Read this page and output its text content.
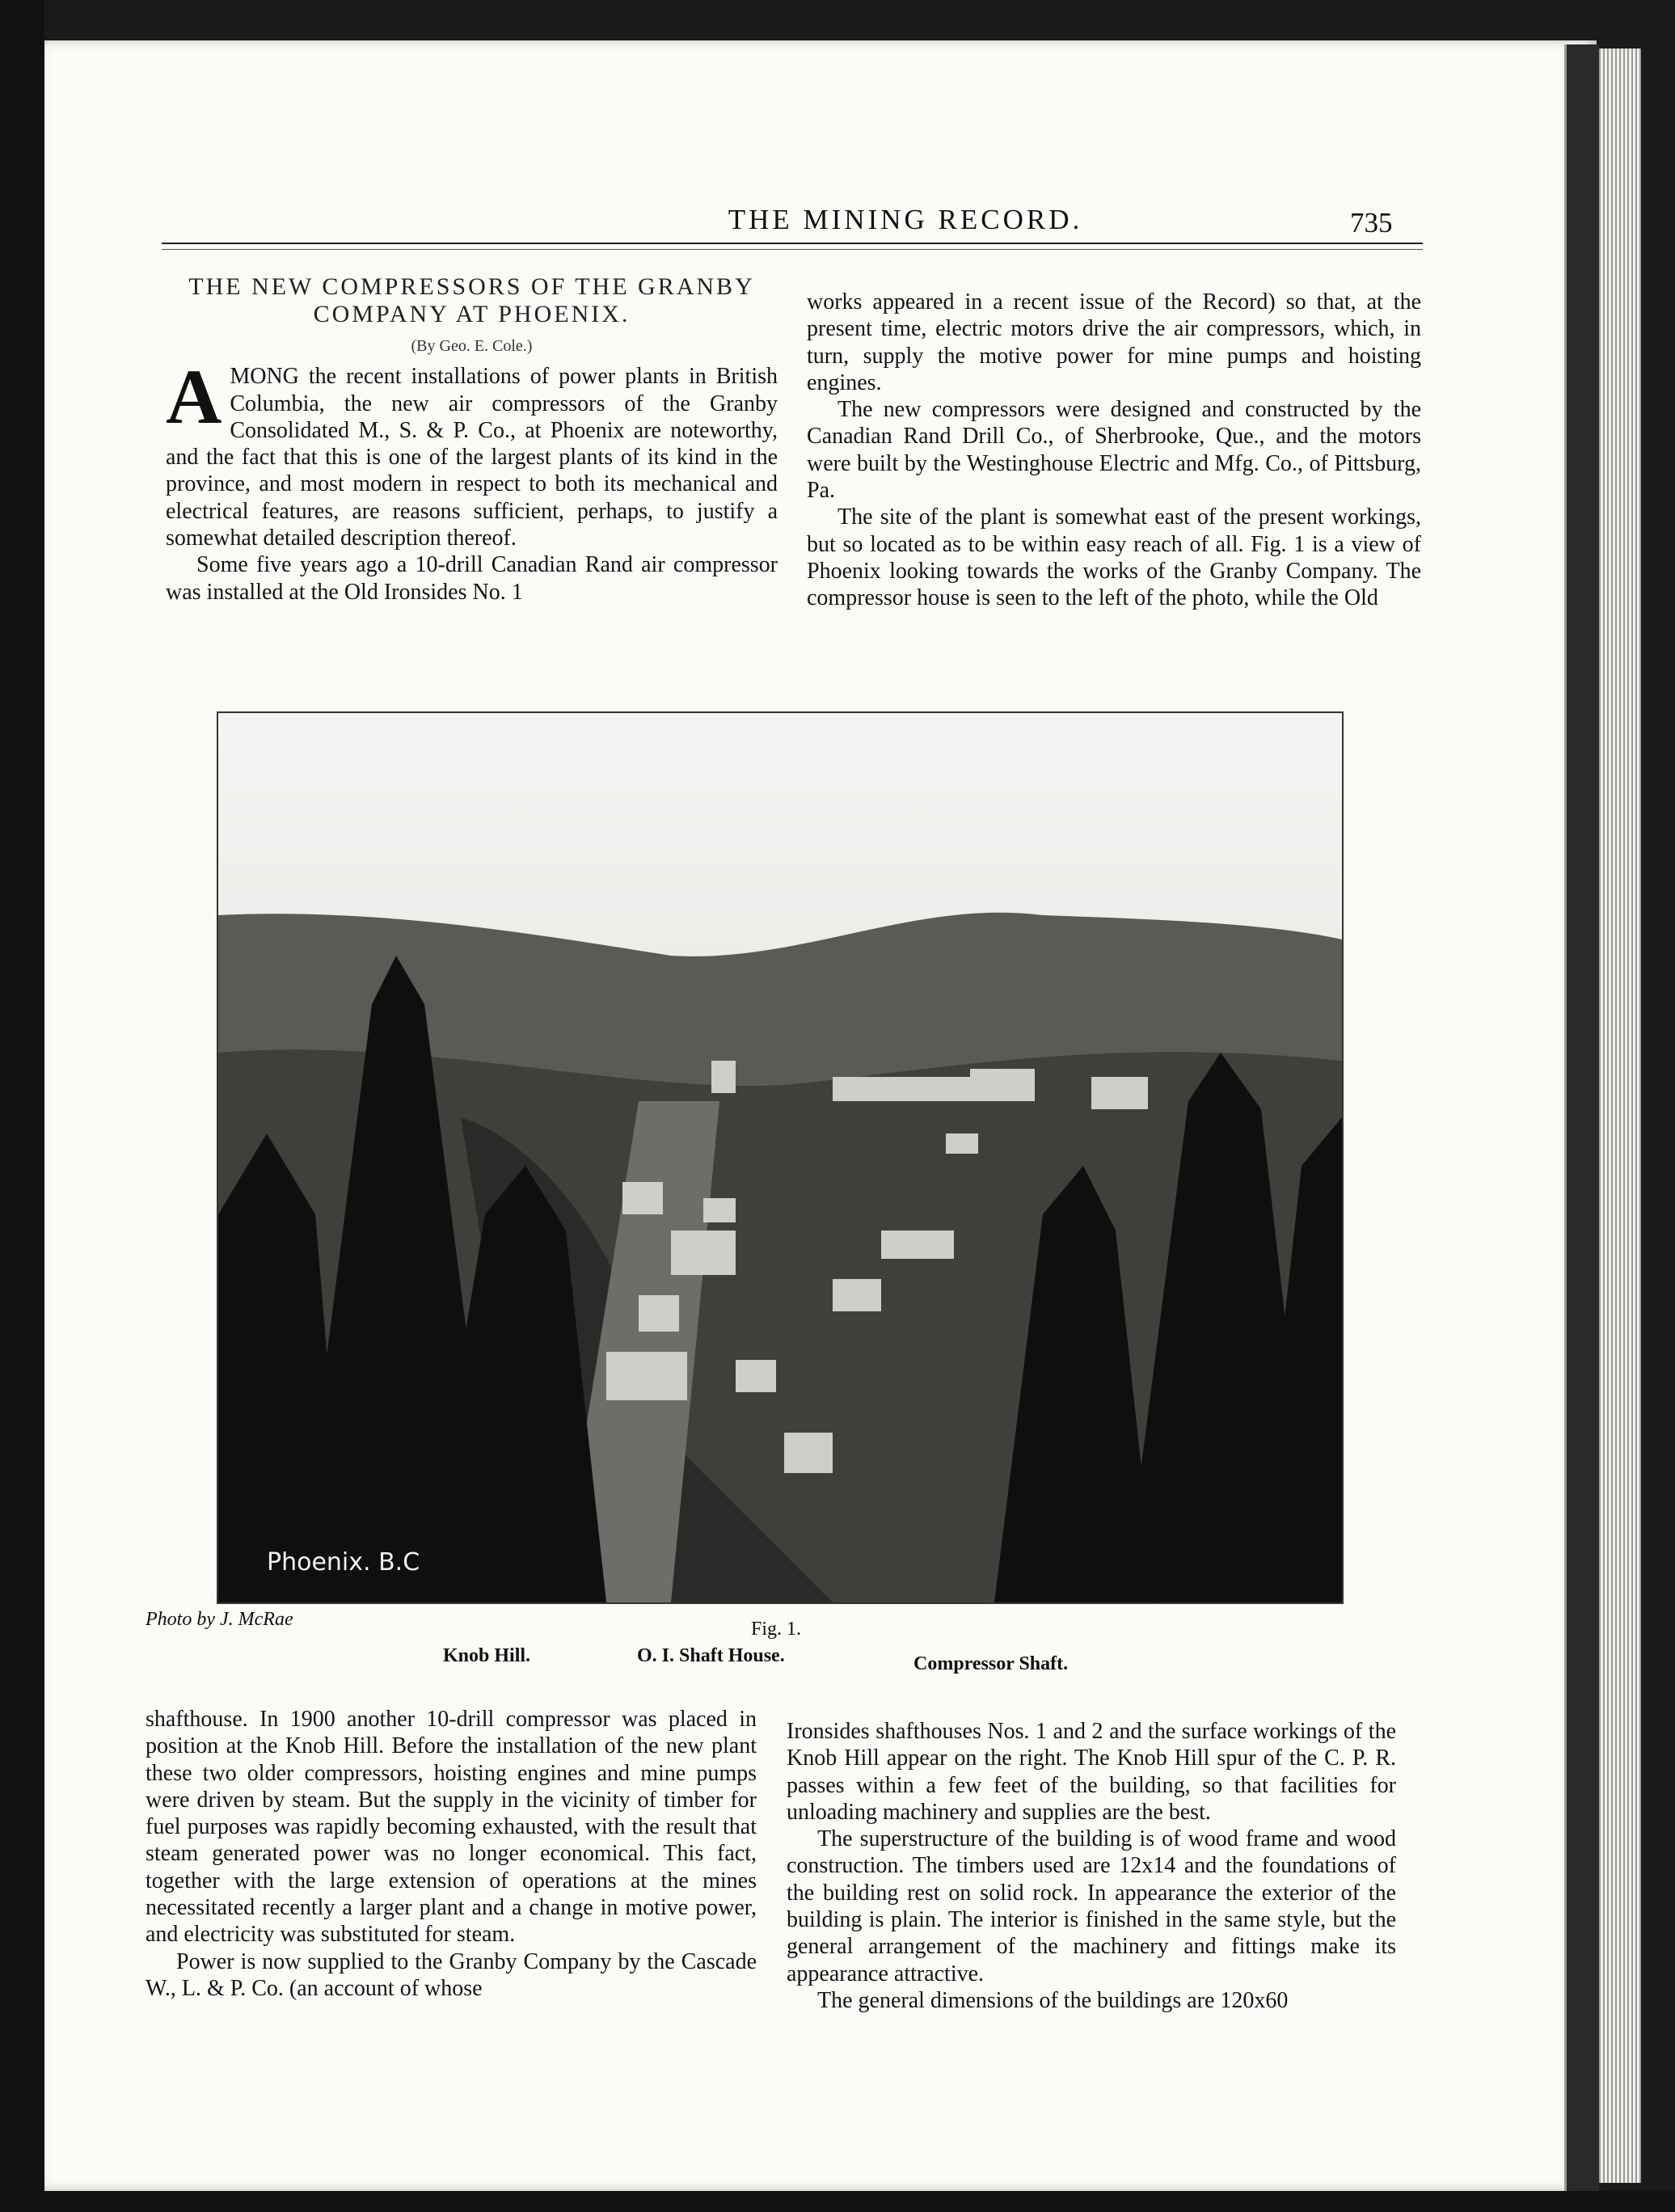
THE MINING RECORD.	735
THE NEW COMPRESSORS OF THE GRANBY
COMPANY AT PHOENIX.
(By Geo. E. Cole.)

AMONG the recent installations of power plants in British Columbia, the new air compressors of the Granby Consolidated M., S. & P. Co., at Phoenix are noteworthy, and the fact that this is one of the largest plants of its kind in the province, and most modern in respect to both its mechanical and electrical features, are reasons sufficient, perhaps, to justify a somewhat detailed description thereof.

Some five years ago a 10-drill Canadian Rand air compressor was installed at the Old Ironsides No. 1

works appeared in a recent issue of the Record) so that, at the present time, electric motors drive the air compressors, which, in turn, supply the motive power for mine pumps and hoisting engines.

The new compressors were designed and constructed by the Canadian Rand Drill Co., of Sherbrooke, Que., and the motors were built by the Westinghouse Electric and Mfg. Co., of Pittsburg, Pa.

The site of the plant is somewhat east of the present workings, but so located as to be within easy reach of all. Fig. 1 is a view of Phoenix looking towards the works of the Granby Company. The compressor house is seen to the left of the photo, while the Old

Phoenix. B.C
Photo by J. McRae	Fig. 1.
Knob Hill.	O. I. Shaft House.	Compressor Shaft.

shafthouse. In 1900 another 10-drill compressor was placed in position at the Knob Hill. Before the installation of the new plant these two older compressors, hoisting engines and mine pumps were driven by steam. But the supply in the vicinity of timber for fuel purposes was rapidly becoming exhausted, with the result that steam generated power was no longer economical. This fact, together with the large extension of operations at the mines necessitated recently a larger plant and a change in motive power, and electricity was substituted for steam.

Power is now supplied to the Granby Company by the Cascade W., L. & P. Co. (an account of whose

Ironsides shafthouses Nos. 1 and 2 and the surface workings of the Knob Hill appear on the right. The Knob Hill spur of the C. P. R. passes within a few feet of the building, so that facilities for unloading machinery and supplies are the best.

The superstructure of the building is of wood frame and wood construction. The timbers used are 12x14 and the foundations of the building rest on solid rock. In appearance the exterior of the building is plain. The interior is finished in the same style, but the general arrangement of the machinery and fittings make its appearance attractive.

The general dimensions of the buildings are 120x60
